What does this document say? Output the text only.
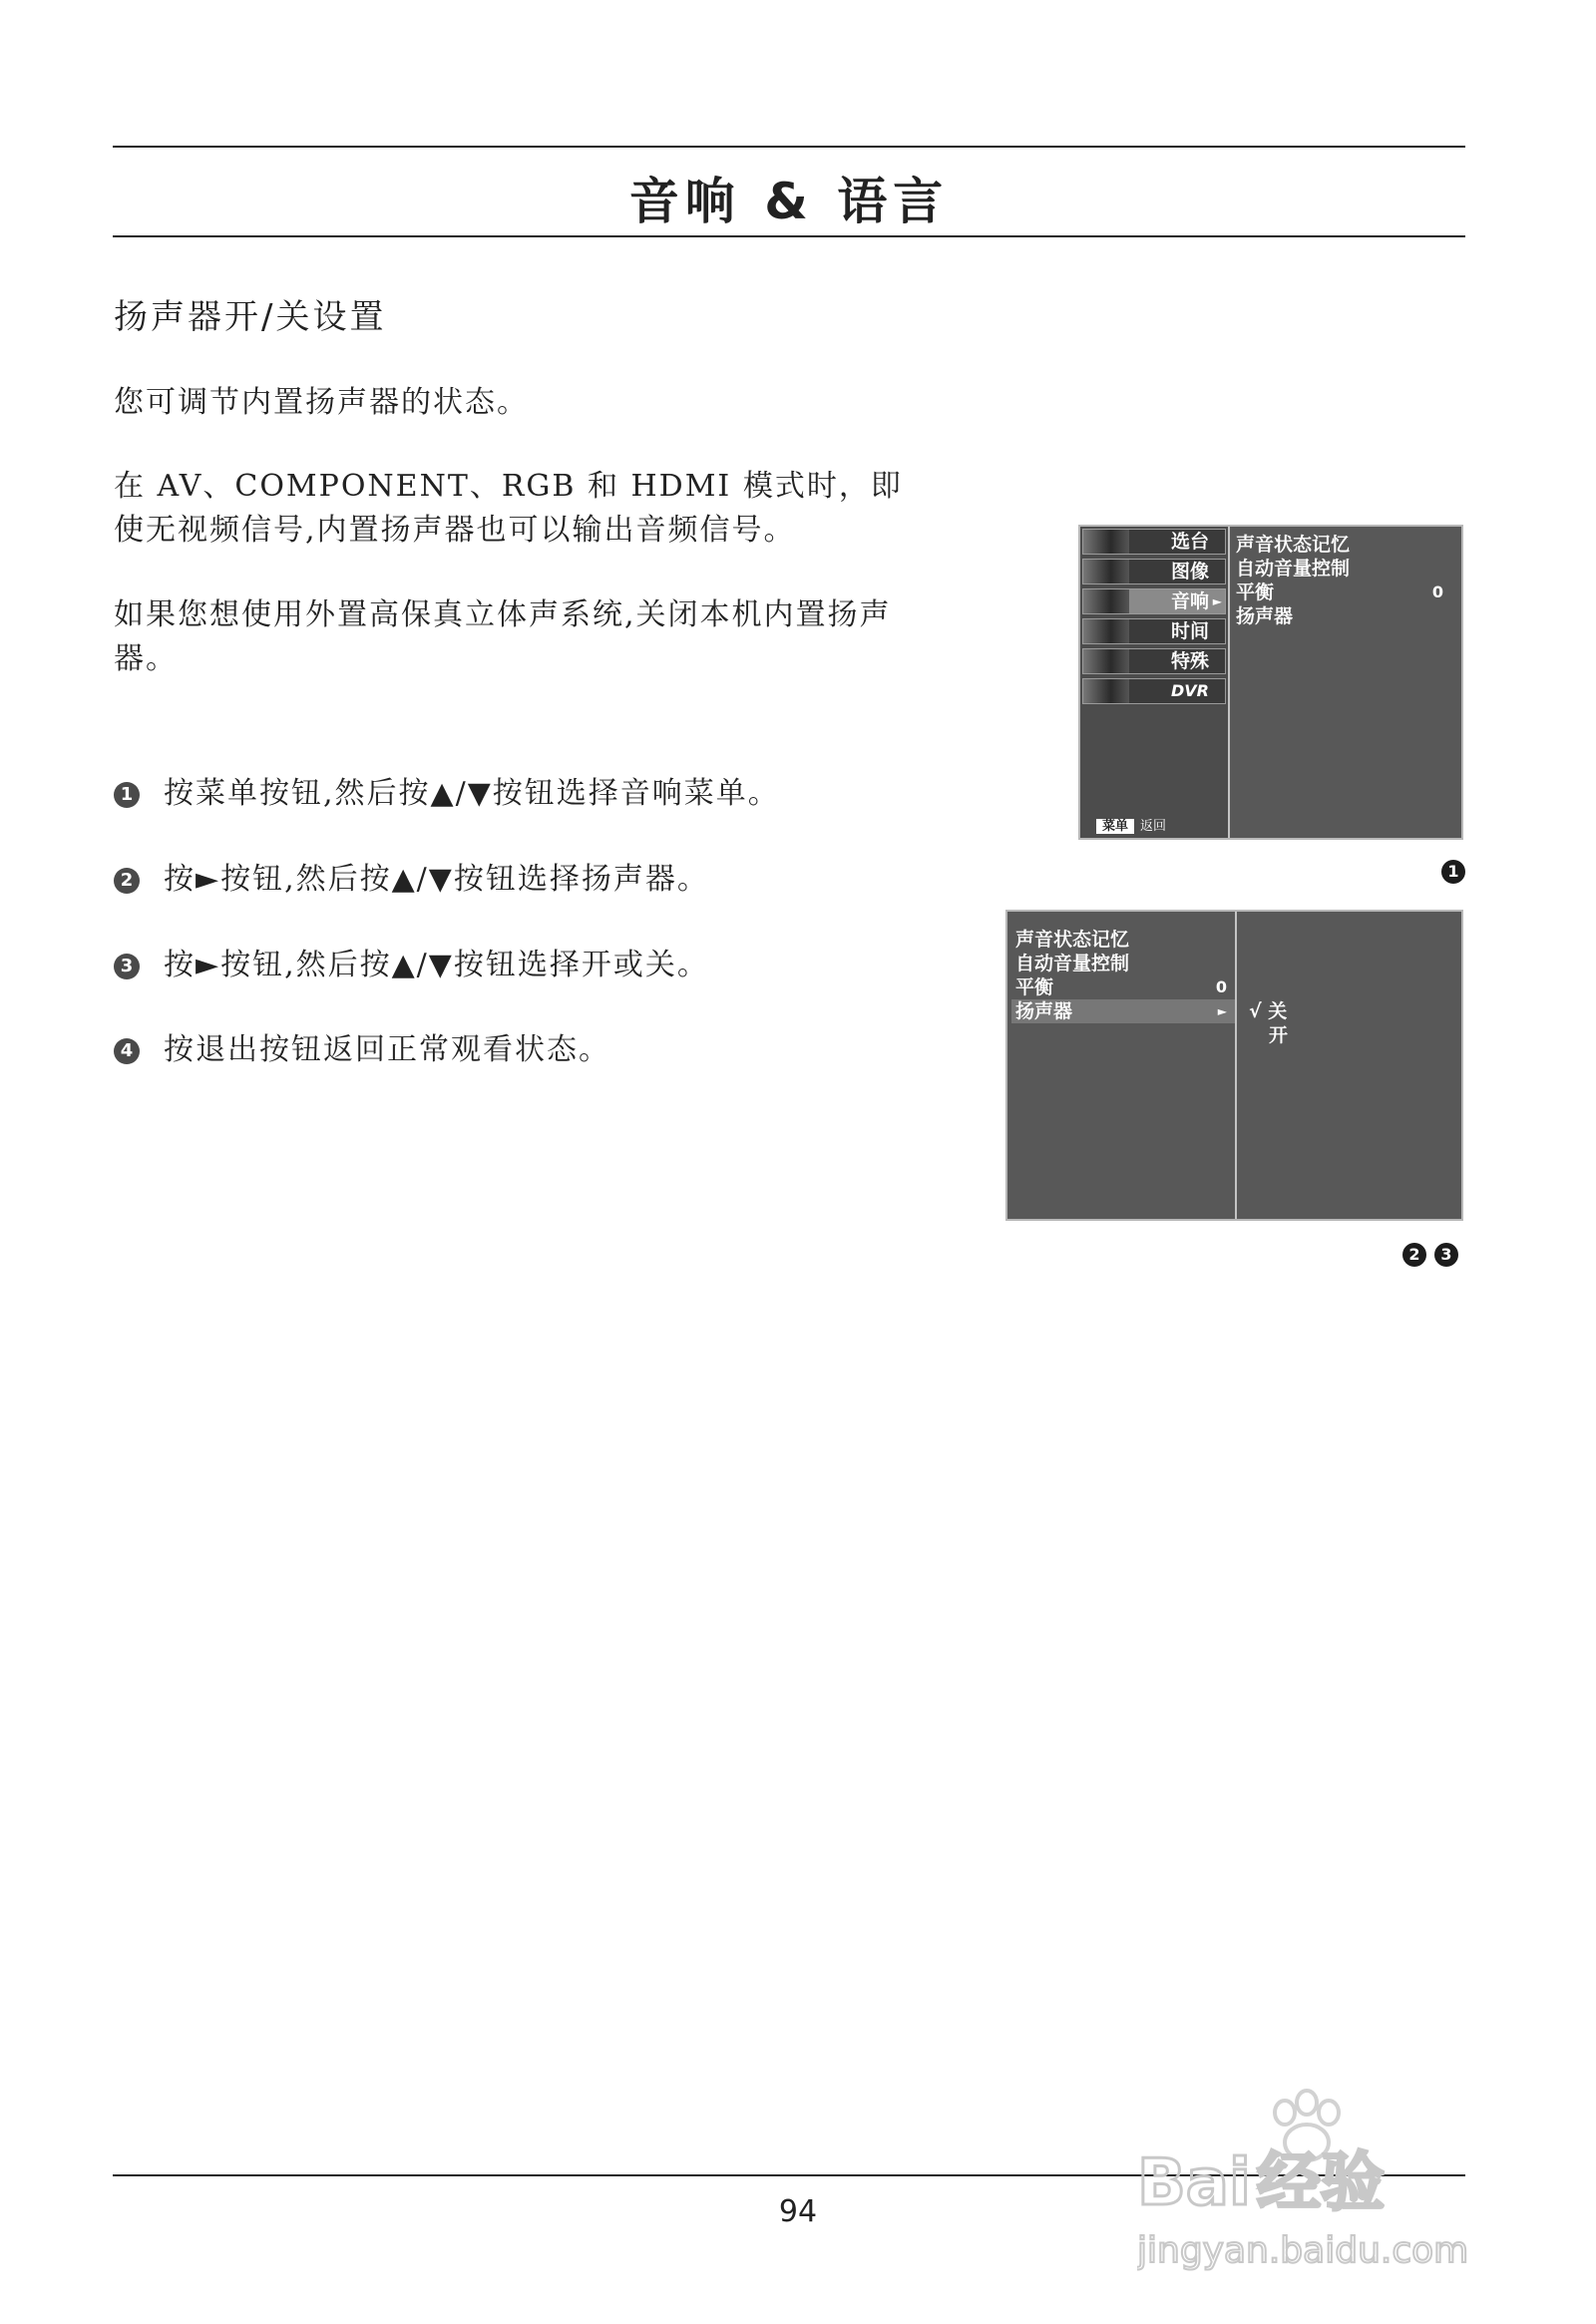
音响 & 语言
扬声器开/关设置

您可调节内置扬声器的状态。

在 AV、COMPONENT、RGB 和 HDMI 模式时，即使无视频信号,内置扬声器也可以输出音频信号。

如果您想使用外置高保真立体声系统,关闭本机内置扬声器。

1 按菜单按钮,然后按▲/▼按钮选择音响菜单。
2 按►按钮,然后按▲/▼按钮选择扬声器。
3 按►按钮,然后按▲/▼按钮选择开或关。
4 按退出按钮返回正常观看状态。
选台
图像
音响 ►
时间
特殊
DVR
菜单 返回
声音状态记忆
自动音量控制
平衡	0
扬声器
1
声音状态记忆
自动音量控制
平衡	0
扬声器	► √ 关
开
2	3
94	Bai 经验
jingyan.baidu.com
